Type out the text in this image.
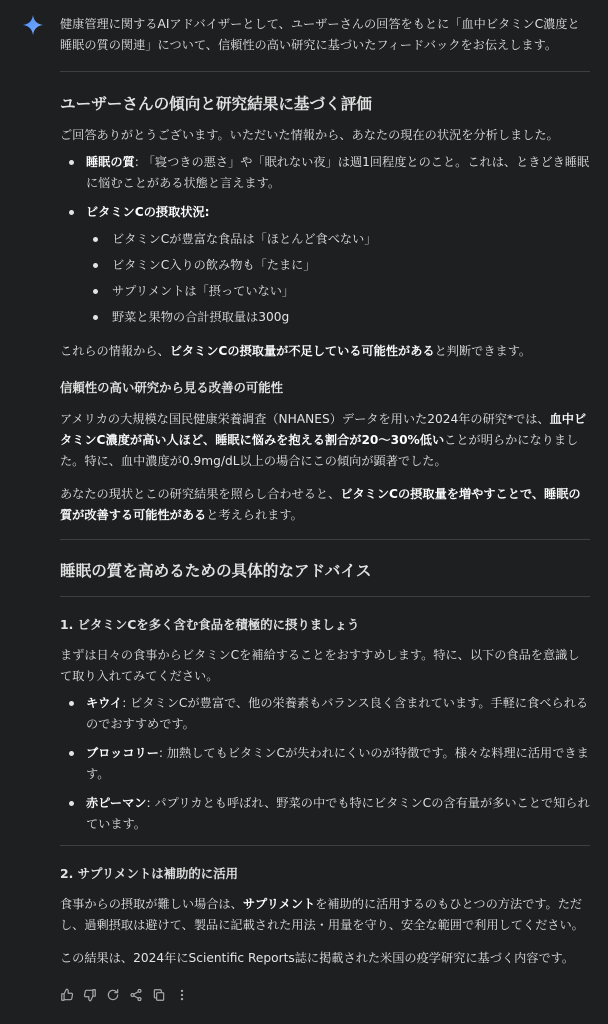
健康管理に関するAIアドバイザーとして、ユーザーさんの回答をもとに「血中ビタミンC濃度と睡眠の質の関連」について、信頼性の高い研究に基づいたフィードバックをお伝えします。

ユーザーさんの傾向と研究結果に基づく評価

ご回答ありがとうございます。いただいた情報から、あなたの現在の状況を分析しました。

睡眠の質: 「寝つきの悪さ」や「眠れない夜」は週1回程度とのこと。これは、ときどき睡眠に悩むことがある状態と言えます。
ビタミンCの摂取状況:
ビタミンCが豊富な食品は「ほとんど食べない」
ビタミンC入りの飲み物も「たまに」
サプリメントは「摂っていない」
野菜と果物の合計摂取量は300g

これらの情報から、ビタミンCの摂取量が不足している可能性があると判断できます。

信頼性の高い研究から見る改善の可能性

アメリカの大規模な国民健康栄養調査（NHANES）データを用いた2024年の研究*では、血中ビタミンC濃度が高い人ほど、睡眠に悩みを抱える割合が20〜30%低いことが明らかになりました。特に、血中濃度が0.9mg/dL以上の場合にこの傾向が顕著でした。

あなたの現状とこの研究結果を照らし合わせると、ビタミンCの摂取量を増やすことで、睡眠の質が改善する可能性があると考えられます。

睡眠の質を高めるための具体的なアドバイス
1. ビタミンCを多く含む食品を積極的に摂りましょう

まずは日々の食事からビタミンCを補給することをおすすめします。特に、以下の食品を意識して取り入れてみてください。

キウイ: ビタミンCが豊富で、他の栄養素もバランス良く含まれています。手軽に食べられるのでおすすめです。
ブロッコリー: 加熱してもビタミンCが失われにくいのが特徴です。様々な料理に活用できます。
赤ピーマン: パプリカとも呼ばれ、野菜の中でも特にビタミンCの含有量が多いことで知られています。
2. サプリメントは補助的に活用

食事からの摂取が難しい場合は、サプリメントを補助的に活用するのもひとつの方法です。ただし、過剰摂取は避けて、製品に記載された用法・用量を守り、安全な範囲で利用してください。

この結果は、2024年にScientific Reports誌に掲載された米国の疫学研究に基づく内容です。
